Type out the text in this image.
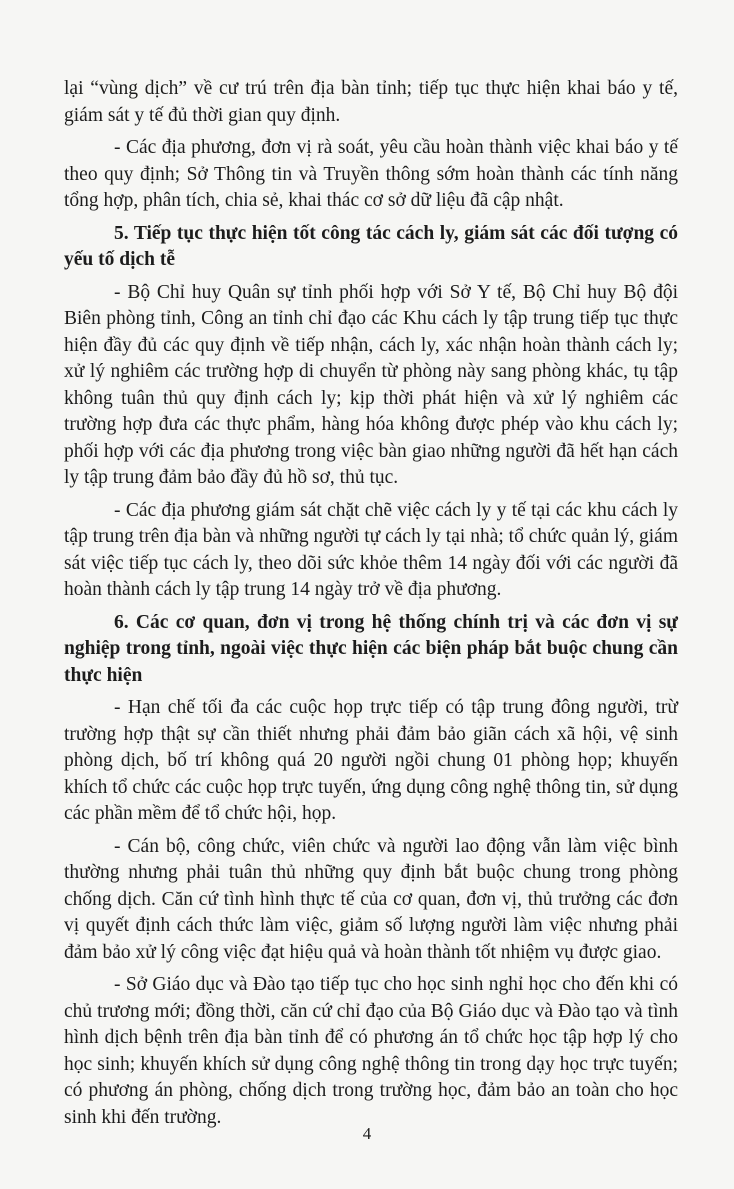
lại “vùng dịch” về cư trú trên địa bàn tỉnh; tiếp tục thực hiện khai báo y tế, giám sát y tế đủ thời gian quy định.

- Các địa phương, đơn vị rà soát, yêu cầu hoàn thành việc khai báo y tế theo quy định; Sở Thông tin và Truyền thông sớm hoàn thành các tính năng tổng hợp, phân tích, chia sẻ, khai thác cơ sở dữ liệu đã cập nhật.

5. Tiếp tục thực hiện tốt công tác cách ly, giám sát các đối tượng có yếu tố dịch tễ

- Bộ Chỉ huy Quân sự tỉnh phối hợp với Sở Y tế, Bộ Chỉ huy Bộ đội Biên phòng tỉnh, Công an tỉnh chỉ đạo các Khu cách ly tập trung tiếp tục thực hiện đầy đủ các quy định về tiếp nhận, cách ly, xác nhận hoàn thành cách ly; xử lý nghiêm các trường hợp di chuyển từ phòng này sang phòng khác, tụ tập không tuân thủ quy định cách ly; kịp thời phát hiện và xử lý nghiêm các trường hợp đưa các thực phẩm, hàng hóa không được phép vào khu cách ly; phối hợp với các địa phương trong việc bàn giao những người đã hết hạn cách ly tập trung đảm bảo đầy đủ hồ sơ, thủ tục.

- Các địa phương giám sát chặt chẽ việc cách ly y tế tại các khu cách ly tập trung trên địa bàn và những người tự cách ly tại nhà; tổ chức quản lý, giám sát việc tiếp tục cách ly, theo dõi sức khỏe thêm 14 ngày đối với các người đã hoàn thành cách ly tập trung 14 ngày trở về địa phương.

6. Các cơ quan, đơn vị trong hệ thống chính trị và các đơn vị sự nghiệp trong tỉnh, ngoài việc thực hiện các biện pháp bắt buộc chung cần thực hiện

- Hạn chế tối đa các cuộc họp trực tiếp có tập trung đông người, trừ trường hợp thật sự cần thiết nhưng phải đảm bảo giãn cách xã hội, vệ sinh phòng dịch, bố trí không quá 20 người ngồi chung 01 phòng họp; khuyến khích tổ chức các cuộc họp trực tuyến, ứng dụng công nghệ thông tin, sử dụng các phần mềm để tổ chức hội, họp.

- Cán bộ, công chức, viên chức và người lao động vẫn làm việc bình thường nhưng phải tuân thủ những quy định bắt buộc chung trong phòng chống dịch. Căn cứ tình hình thực tế của cơ quan, đơn vị, thủ trưởng các đơn vị quyết định cách thức làm việc, giảm số lượng người làm việc nhưng phải đảm bảo xử lý công việc đạt hiệu quả và hoàn thành tốt nhiệm vụ được giao.

- Sở Giáo dục và Đào tạo tiếp tục cho học sinh nghỉ học cho đến khi có chủ trương mới; đồng thời, căn cứ chỉ đạo của Bộ Giáo dục và Đào tạo và tình hình dịch bệnh trên địa bàn tỉnh để có phương án tổ chức học tập hợp lý cho học sinh; khuyến khích sử dụng công nghệ thông tin trong dạy học trực tuyến; có phương án phòng, chống dịch trong trường học, đảm bảo an toàn cho học sinh khi đến trường.

4
